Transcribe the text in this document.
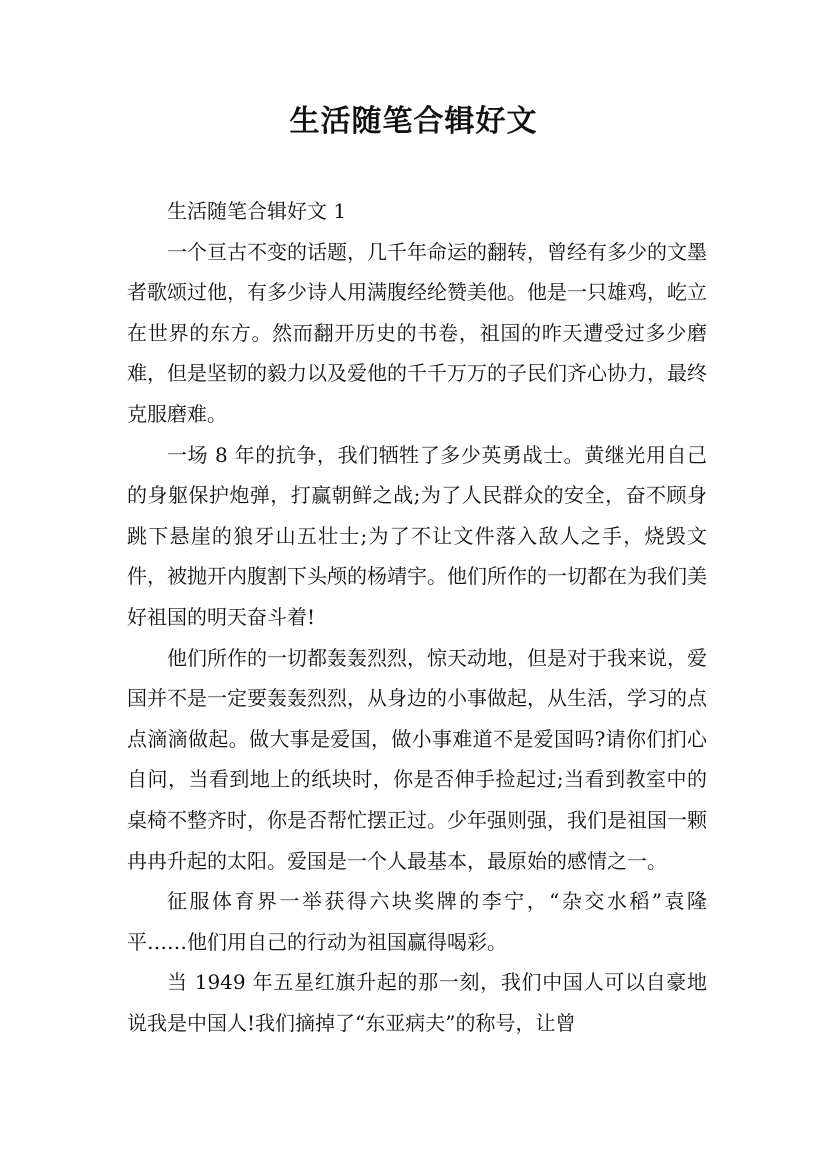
生活随笔合辑好文

生活随笔合辑好文 1

一个亘古不变的话题，几千年命运的翻转，曾经有多少的文墨者歌颂过他，有多少诗人用满腹经纶赞美他。他是一只雄鸡，屹立在世界的东方。然而翻开历史的书卷，祖国的昨天遭受过多少磨难，但是坚韧的毅力以及爱他的千千万万的子民们齐心协力，最终克服磨难。

一场 8 年的抗争，我们牺牲了多少英勇战士。黄继光用自己的身躯保护炮弹，打赢朝鲜之战;为了人民群众的安全，奋不顾身跳下悬崖的狼牙山五壮士;为了不让文件落入敌人之手，烧毁文件，被抛开内腹割下头颅的杨靖宇。他们所作的一切都在为我们美好祖国的明天奋斗着!

他们所作的一切都轰轰烈烈，惊天动地，但是对于我来说，爱国并不是一定要轰轰烈烈，从身边的小事做起，从生活，学习的点点滴滴做起。做大事是爱国，做小事难道不是爱国吗?请你们扪心自问，当看到地上的纸块时，你是否伸手捡起过;当看到教室中的桌椅不整齐时，你是否帮忙摆正过。少年强则强，我们是祖国一颗冉冉升起的太阳。爱国是一个人最基本，最原始的感情之一。

征服体育界一举获得六块奖牌的李宁，“杂交水稻”袁隆平……他们用自己的行动为祖国赢得喝彩。

当 1949 年五星红旗升起的那一刻，我们中国人可以自豪地说我是中国人!我们摘掉了“东亚病夫”的称号，让曾
